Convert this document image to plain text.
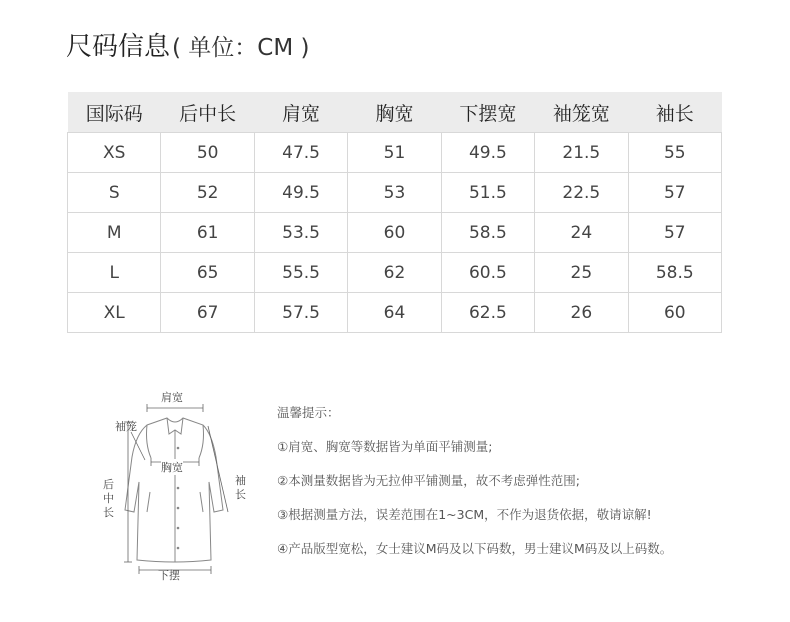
尺码信息 ( 单位：CM )
国际码	后中长	肩宽	胸宽	下摆宽	袖笼宽	袖长
XS	50	47.5	51	49.5	21.5	55
S	52	49.5	53	51.5	22.5	57
M	61	53.5	60	58.5	24	57
L	65	55.5	62	60.5	25	58.5
XL	67	57.5	64	62.5	26	60
肩宽
袖笼
胸宽
后中长
袖长
下摆
温馨提示：
①肩宽、胸宽等数据皆为单面平铺测量;
②本测量数据皆为无拉伸平铺测量，故不考虑弹性范围;
③根据测量方法，误差范围在1~3CM，不作为退货依据，敬请谅解!
④产品版型宽松，女士建议M码及以下码数，男士建议M码及以上码数。
